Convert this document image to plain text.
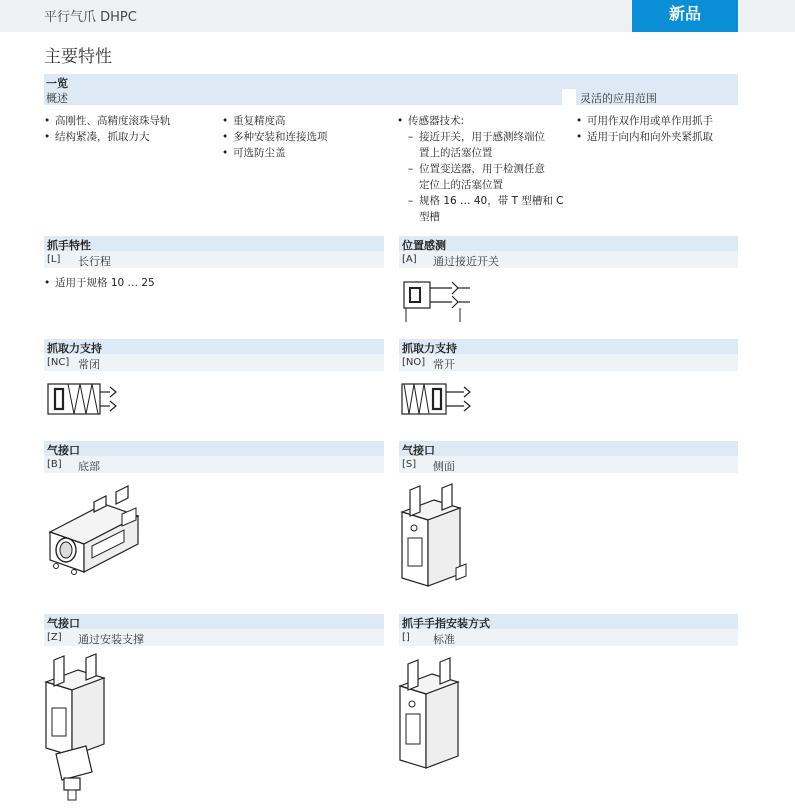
平行气爪 DHPC	新品
主要特性
一览
概述	灵活的应用范围
• 高刚性、高精度滚珠导轨
• 结构紧凑，抓取力大
• 重复精度高
• 多种安装和连接选项
• 可选防尘盖
• 传感器技术:
– 接近开关，用于感测终端位
置上的活塞位置
– 位置变送器，用于检测任意
定位上的活塞位置
– 规格 16 … 40，带 T 型槽和 C
型槽
• 可用作双作用或单作用抓手
• 适用于向内和向外夹紧抓取
抓手特性
[L] 长行程
• 适用于规格 10 … 25
位置感测
[A] 通过接近开关
抓取力支持
[NC] 常闭
抓取力支持
[NO] 常开
气接口
[B] 底部
气接口
[S] 侧面
气接口
[Z] 通过安装支撑
抓手手指安装方式
[] 标准
